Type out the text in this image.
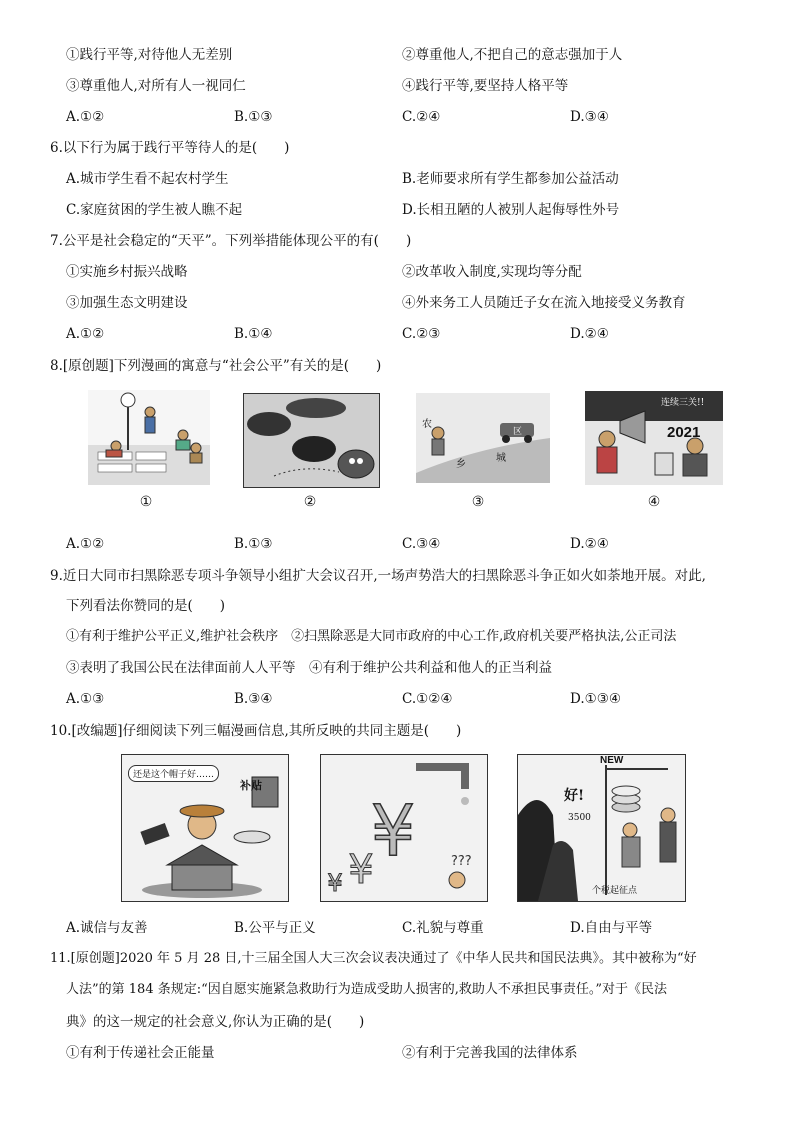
①践行平等,对待他人无差别	②尊重他人,不把自己的意志强加于人
③尊重他人,对所有人一视同仁	④践行平等,要坚持人格平等
A.①②	B.①③	C.②④	D.③④
6.以下行为属于践行平等待人的是(　　)
A.城市学生看不起农村学生	B.老师要求所有学生都参加公益活动
C.家庭贫困的学生被人瞧不起	D.长相丑陋的人被别人起侮辱性外号
7.公平是社会稳定的“天平”。下列举措能体现公平的有(　　)
①实施乡村振兴战略	②改革收入制度,实现均等分配
③加强生态文明建设	④外来务工人员随迁子女在流入地接受义务教育
A.①②	B.①④	C.②③	D.②④
8.[原创题]下列漫画的寓意与“社会公平”有关的是(　　)
①	②
农
乡
城
区
③
连续三关!!
2021
④
A.①②	B.①③	C.③④	D.②④
9.近日大同市扫黑除恶专项斗争领导小组扩大会议召开,一场声势浩大的扫黑除恶斗争正如火如荼地开展。对此,
下列看法你赞同的是(　　)
①有利于维护公平正义,维护社会秩序　②扫黑除恶是大同市政府的中心工作,政府机关要严格执法,公正司法
③表明了我国公民在法律面前人人平等　④有利于维护公共利益和他人的正当利益
A.①③	B.③④	C.①②④	D.①③④
10.[改编题]仔细阅读下列三幅漫画信息,其所反映的共同主题是(　　)
还是这个帽子好……
补贴
¥
¥
¥
???
NEW
好!
3500
个税起征点
A.诚信与友善	B.公平与正义	C.礼貌与尊重	D.自由与平等
11.[原创题]2020 年 5 月 28 日,十三届全国人大三次会议表决通过了《中华人民共和国民法典》。其中被称为“好
人法”的第 184 条规定:“因自愿实施紧急救助行为造成受助人损害的,救助人不承担民事责任。”对于《民法
典》的这一规定的社会意义,你认为正确的是(　　)
①有利于传递社会正能量	②有利于完善我国的法律体系
